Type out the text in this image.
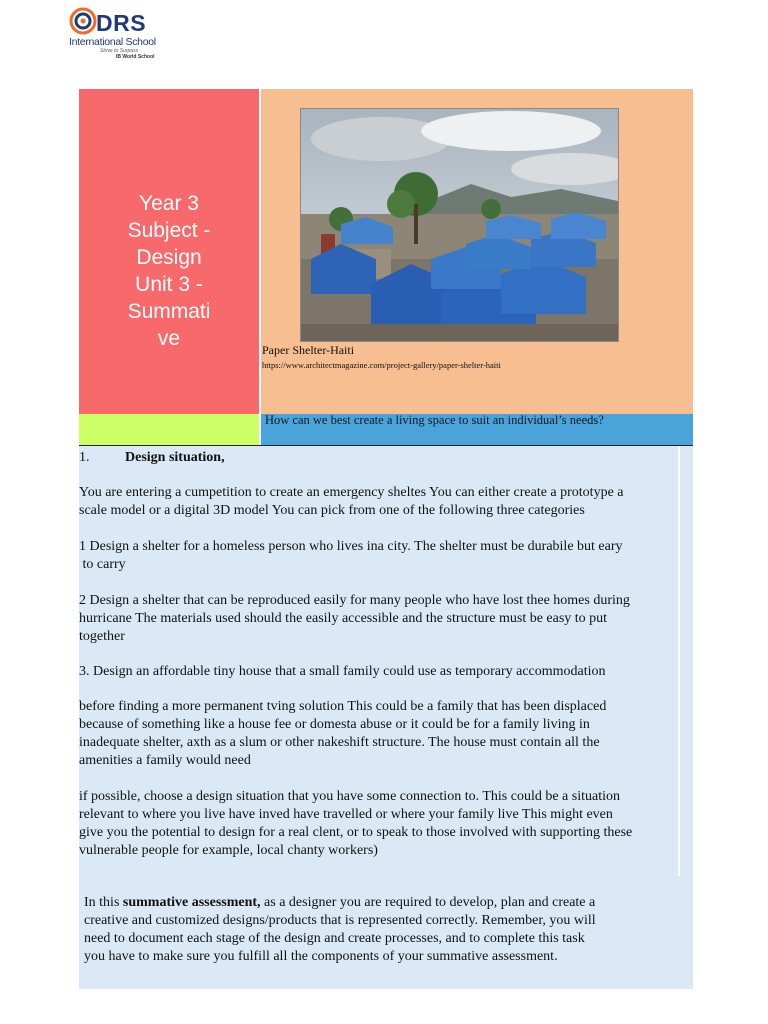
DRS
International School
Strive to Surpass
IB World School
Year 3
Subject -
Design
Unit 3 -
Summati
ve	Paper Shelter-Haiti
https://www.architectmagazine.com/project-gallery/paper-shelter-haiti
How can we best create a living space to suit an individual’s needs?
1.	Design situation,

You are entering a cumpetition to create an emergency sheltes You can either create a prototype a
scale model or a digital 3D model You can pick from one of the following three categories

1 Design a shelter for a homeless person who lives ina city. The shelter must be durabile but eary
to carry

2 Design a shelter that can be reproduced easily for many people who have lost thee homes during
hurricane The materials used should the easily accessible and the structure must be easy to put
together

3. Design an affordable tiny house that a small family could use as temporary accommodation

before finding a more permanent tving solution This could be a family that has been displaced
because of something like a house fee or domesta abuse or it could be for a family living in
inadequate shelter, axth as a slum or other nakeshift structure. The house must contain all the
amenities a family would need

if possible, choose a design situation that you have some connection to. This could be a situation
relevant to where you live have inved have travelled or where your family live This might even
give you the potential to design for a real clent, or to speak to those involved with supporting these
vulnerable people for example, local chanty workers)

In this summative assessment, as a designer you are required to develop, plan and create a
creative and customized designs/products that is represented correctly. Remember, you will
need to document each stage of the design and create processes, and to complete this task
you have to make sure you fulfill all the components of your summative assessment.
